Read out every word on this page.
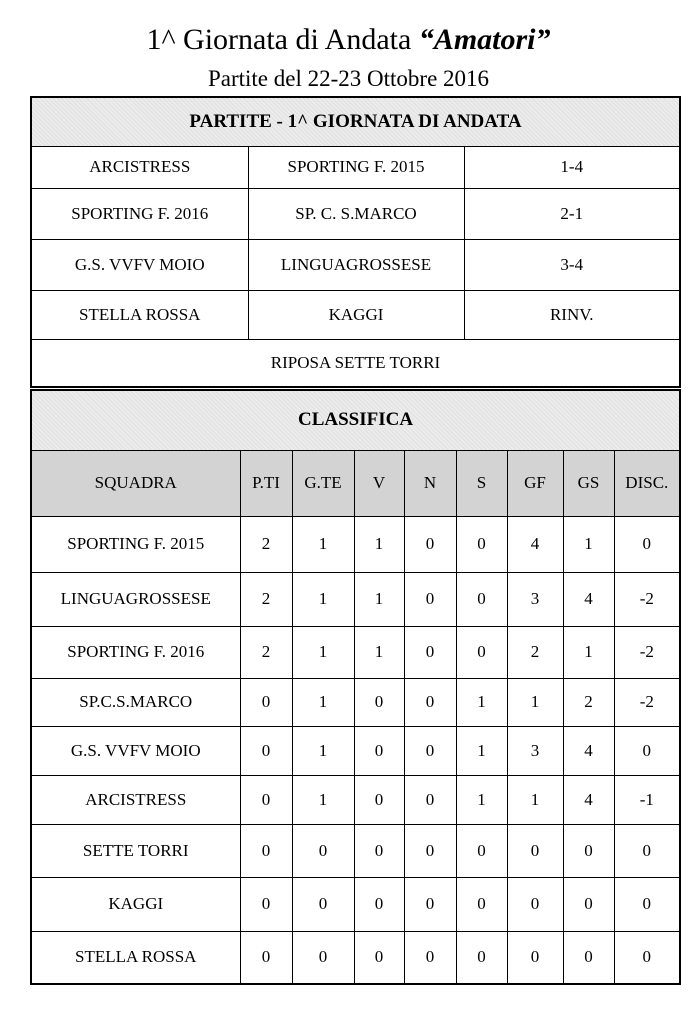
1^ Giornata di Andata “Amatori”
Partite del 22-23 Ottobre 2016
PARTITE - 1^ GIORNATA DI ANDATA		
ARCISTRESS	SPORTING F. 2015	1-4
SPORTING F. 2016	SP. C. S.MARCO	2-1
G.S. VVFV MOIO	LINGUAGROSSESE	3-4
STELLA ROSSA	KAGGI	RINV.
RIPOSA SETTE TORRI		
CLASSIFICA								
SQUADRA	P.TI	G.TE	V	N	S	GF	GS	DISC.
SPORTING F. 2015	2	1	1	0	0	4	1	0
LINGUAGROSSESE	2	1	1	0	0	3	4	-2
SPORTING F. 2016	2	1	1	0	0	2	1	-2
SP.C.S.MARCO	0	1	0	0	1	1	2	-2
G.S. VVFV MOIO	0	1	0	0	1	3	4	0
ARCISTRESS	0	1	0	0	1	1	4	-1
SETTE TORRI	0	0	0	0	0	0	0	0
KAGGI	0	0	0	0	0	0	0	0
STELLA ROSSA	0	0	0	0	0	0	0	0
